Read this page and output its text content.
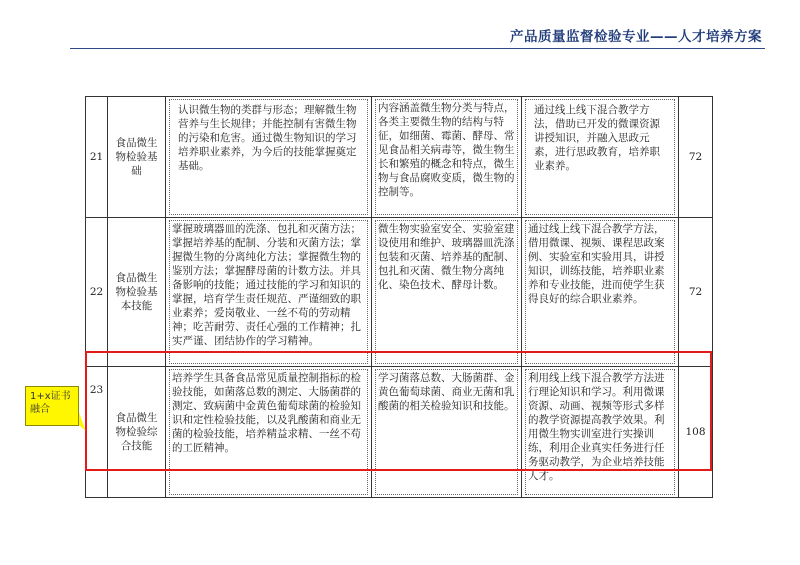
产品质量监督检验专业——人才培养方案
21	食品微生物检验基础	认识微生物的类群与形态；理解微生物营养与生长规律；并能控制有害微生物的污染和危害。通过微生物知识的学习培养职业素养，为今后的技能掌握奠定基础。	内容涵盖微生物分类与特点，各类主要微生物的结构与特征，如细菌、霉菌、酵母、常见食品相关病毒等，微生物生长和繁殖的概念和特点，微生物与食品腐败变质，微生物的控制等。	通过线上线下混合教学方法，借助已开发的微课资源讲授知识，并融入思政元素，进行思政教育，培养职业素养。	72
22	食品微生物检验基本技能	掌握玻璃器皿的洗涤、包扎和灭菌方法；掌握培养基的配制、分装和灭菌方法；掌握微生物的分离纯化方法；掌握微生物的鉴别方法；掌握酵母菌的计数方法。并具备影响的技能；通过技能的学习和知识的掌握，培育学生责任规范、严谨细致的职业素养；爱岗敬业、一丝不苟的劳动精神；吃苦耐劳、责任心强的工作精神；扎实严谨、团结协作的学习精神。	微生物实验室安全、实验室建设使用和维护、玻璃器皿洗涤包装和灭菌、培养基的配制、包扎和灭菌、微生物分离纯化、染色技术、酵母计数。	通过线上线下混合教学方法，借用微课、视频、课程思政案例、实验室和实验用具，讲授知识，训练技能，培养职业素养和专业技能，进而使学生获得良好的综合职业素养。	72
23	食品微生物检验综合技能	培养学生具备食品常见质量控制指标的检验技能，如菌落总数的测定、大肠菌群的测定、致病菌中金黄色葡萄球菌的检验知识和定性检验技能，以及乳酸菌和商业无菌的检验技能，培养精益求精、一丝不苟的工匠精神。	学习菌落总数、大肠菌群、金黄色葡萄球菌、商业无菌和乳酸菌的相关检验知识和技能。	利用线上线下混合教学方法进行理论知识和学习。利用微课资源、动画、视频等形式多样的教学资源提高教学效果。利用微生物实训室进行实操训练，利用企业真实任务进行任务驱动教学，为企业培养技能人才。	108
1+x证书融合
